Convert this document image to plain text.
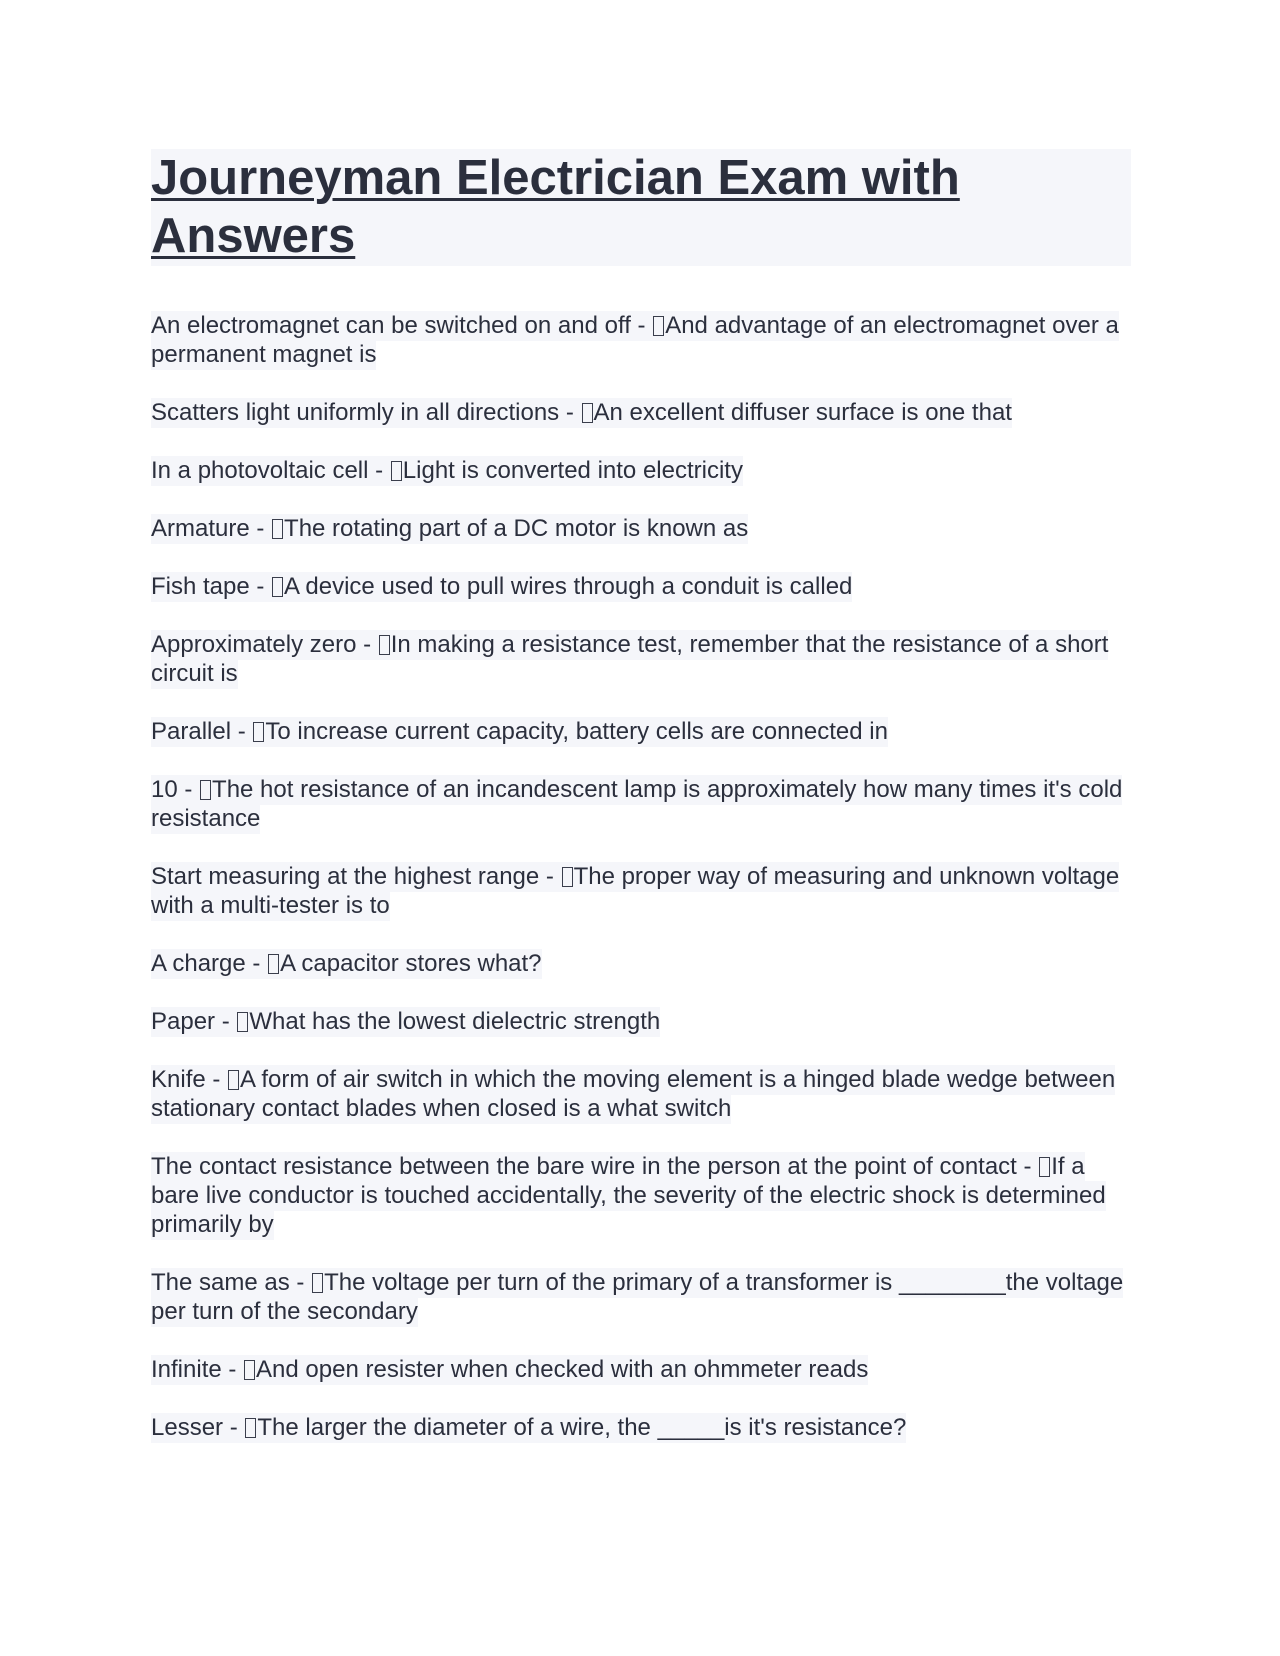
Journeyman Electrician Exam with Answers
An electromagnet can be switched on and off - And advantage of an electromagnet over a permanent magnet is
Scatters light uniformly in all directions - An excellent diffuser surface is one that
In a photovoltaic cell - Light is converted into electricity
Armature - The rotating part of a DC motor is known as
Fish tape - A device used to pull wires through a conduit is called
Approximately zero - In making a resistance test, remember that the resistance of a short circuit is
Parallel - To increase current capacity, battery cells are connected in
10 - The hot resistance of an incandescent lamp is approximately how many times it's cold resistance
Start measuring at the highest range - The proper way of measuring and unknown voltage with a multi-tester is to
A charge - A capacitor stores what?
Paper - What has the lowest dielectric strength
Knife - A form of air switch in which the moving element is a hinged blade wedge between stationary contact blades when closed is a what switch
The contact resistance between the bare wire in the person at the point of contact - If a bare live conductor is touched accidentally, the severity of the electric shock is determined primarily by
The same as - The voltage per turn of the primary of a transformer is ________the voltage per turn of the secondary
Infinite - And open resister when checked with an ohmmeter reads
Lesser - The larger the diameter of a wire, the _____is it's resistance?
